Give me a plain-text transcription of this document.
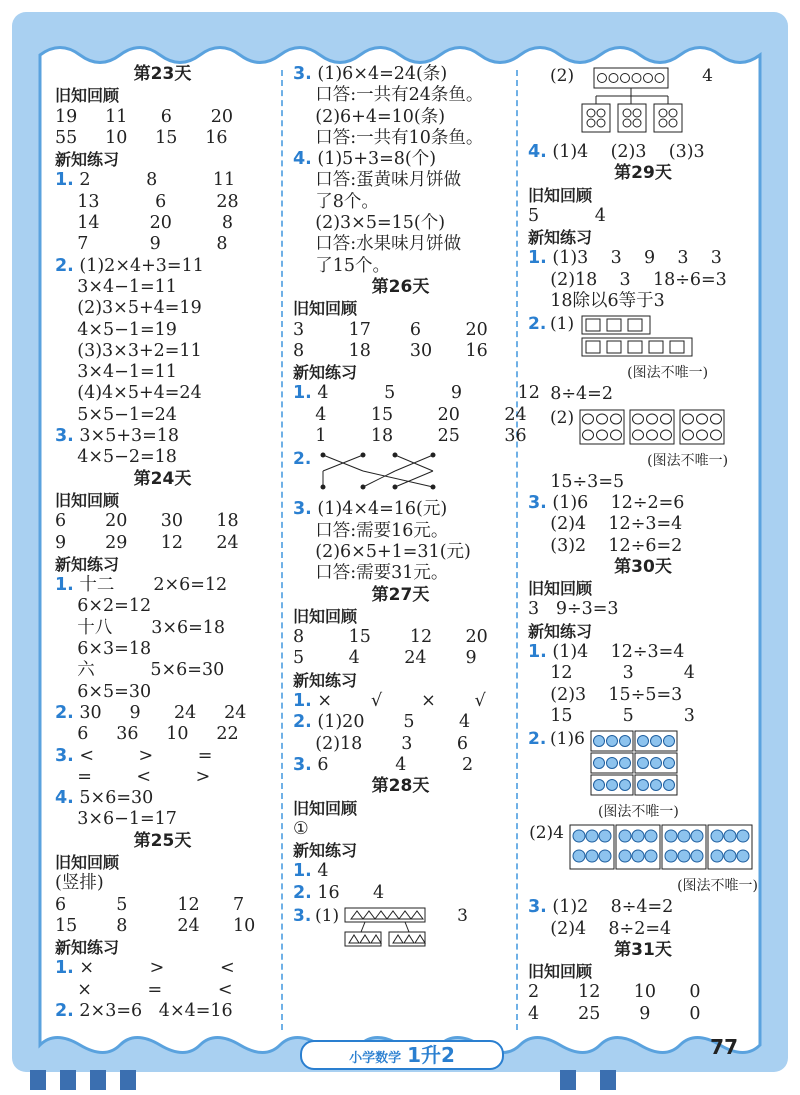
第23天
旧知回顾
19     11      6       20
55     10     15     16
新知练习
1. 2          8          11
13          6         28
14         20         8
7           9          8
2. (1)2×4+3=11
3×4−1=11
(2)3×5+4=19
4×5−1=19
(3)3×3+2=11
3×4−1=11
(4)4×5+4=24
5×5−1=24
3. 3×5+3=18
4×5−2=18
第24天
旧知回顾
6       20      30      18
9       29      12      24
新知练习
1. 十二       2×6=12
6×2=12
十八       3×6=18
6×3=18
六          5×6=30
6×5=30
2. 30     9      24     24
6     36     10     22
3. <        >        =
=        <        >
4. 5×6=30
3×6−1=17
第25天
旧知回顾
(竖排)
6         5         12      7
15       8         24      10
新知练习
1. ×          >          <
×          =          <
2. 2×3=6   4×4=16
3. (1)6×4=24(条)
口答:一共有24条鱼。
(2)6+4=10(条)
口答:一共有10条鱼。
4. (1)5+3=8(个)
口答:蛋黄味月饼做
了8个。
(2)3×5=15(个)
口答:水果味月饼做
了15个。
第26天
旧知回顾
3        17       6        20
8        18       30      16
新知练习
1. 4          5          9          12
4        15        20        24
1        18        25        36
2.
3. (1)4×4=16(元)
口答:需要16元。
(2)6×5+1=31(元)
口答:需要31元。
第27天
旧知回顾
8        15       12      20
5        4        24       9
新知练习
1. ×       √       ×       √
2. (1)20       5        4
(2)18       3        6
3. 6            4          2
第28天
旧知回顾
①
新知练习
1. 4
2. 16      4
3. (1)	3
(2)	4
4. (1)4    (2)3    (3)3
第29天
旧知回顾
5          4
新知练习
1. (1)3    3    9    3    3
(2)18    3    18÷6=3
18除以6等于3
2. (1)
(图法不唯一)
8÷4=2
(2)
(图法不唯一)
15÷3=5
3. (1)6    12÷2=6
(2)4    12÷3=4
(3)2    12÷6=2
第30天
旧知回顾
3   9÷3=3
新知练习
1. (1)4    12÷3=4
12         3         4
(2)3    15÷5=3
15         5         3
2. (1)6
(图法不唯一)
(2)4
(图法不唯一)
3. (1)2    8÷4=2
(2)4    8÷2=4
第31天
旧知回顾
2       12      10      0
4       25       9       0
小学数学 1升2	77
